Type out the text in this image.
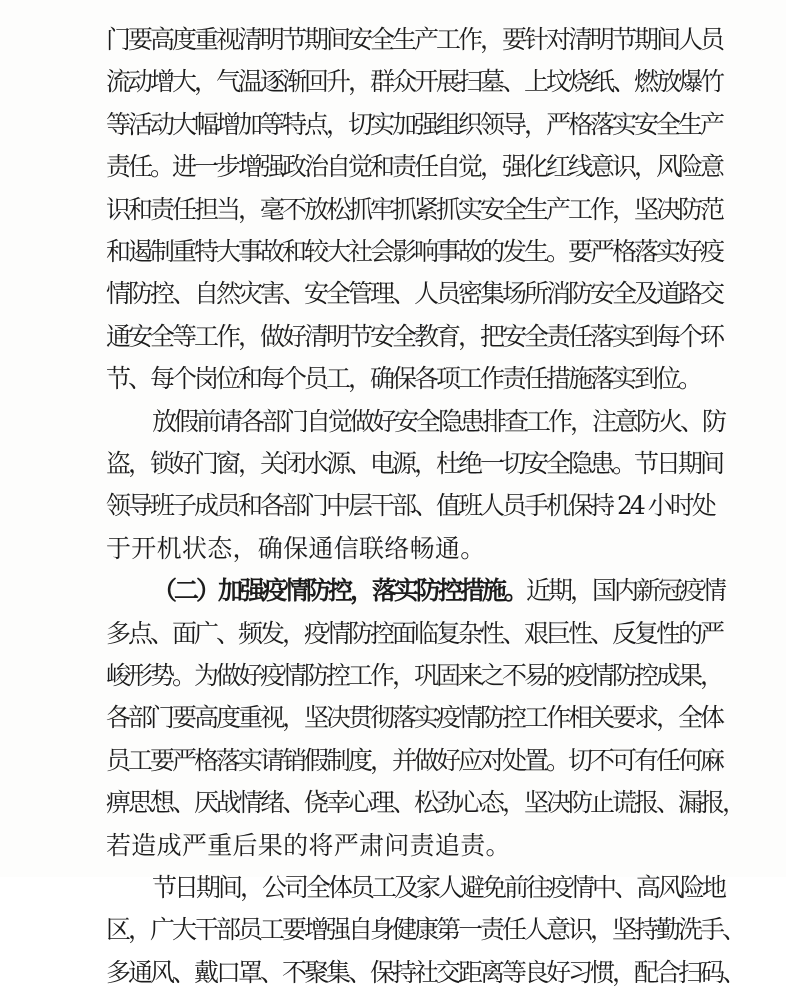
门要高度重视清明节期间安全生产工作，要针对清明节期间人员
流动增大，气温逐渐回升，群众开展扫墓、上坟烧纸、燃放爆竹
等活动大幅增加等特点，切实加强组织领导，严格落实安全生产
责任。进一步增强政治自觉和责任自觉，强化红线意识，风险意
识和责任担当，毫不放松抓牢抓紧抓实安全生产工作，坚决防范
和遏制重特大事故和较大社会影响事故的发生。要严格落实好疫
情防控、自然灾害、安全管理、人员密集场所消防安全及道路交
通安全等工作，做好清明节安全教育，把安全责任落实到每个环
节、每个岗位和每个员工，确保各项工作责任措施落实到位。
放假前请各部门自觉做好安全隐患排查工作，注意防火、防
盗，锁好门窗，关闭水源、电源，杜绝一切安全隐患。节日期间
领导班子成员和各部门中层干部、值班人员手机保持 24 小时处
于开机状态，确保通信联络畅通。
（二）加强疫情防控，落实防控措施。近期，国内新冠疫情
多点、面广、频发，疫情防控面临复杂性、艰巨性、反复性的严
峻形势。为做好疫情防控工作，巩固来之不易的疫情防控成果，
各部门要高度重视，坚决贯彻落实疫情防控工作相关要求，全体
员工要严格落实请销假制度，并做好应对处置。切不可有任何麻
痹思想、厌战情绪、侥幸心理、松劲心态，坚决防止谎报、漏报，
若造成严重后果的将严肃问责追责。
节日期间，公司全体员工及家人避免前往疫情中、高风险地
区，广大干部员工要增强自身健康第一责任人意识，坚持勤洗手、
多通风、戴口罩、不聚集、保持社交距离等良好习惯，配合扫码、
